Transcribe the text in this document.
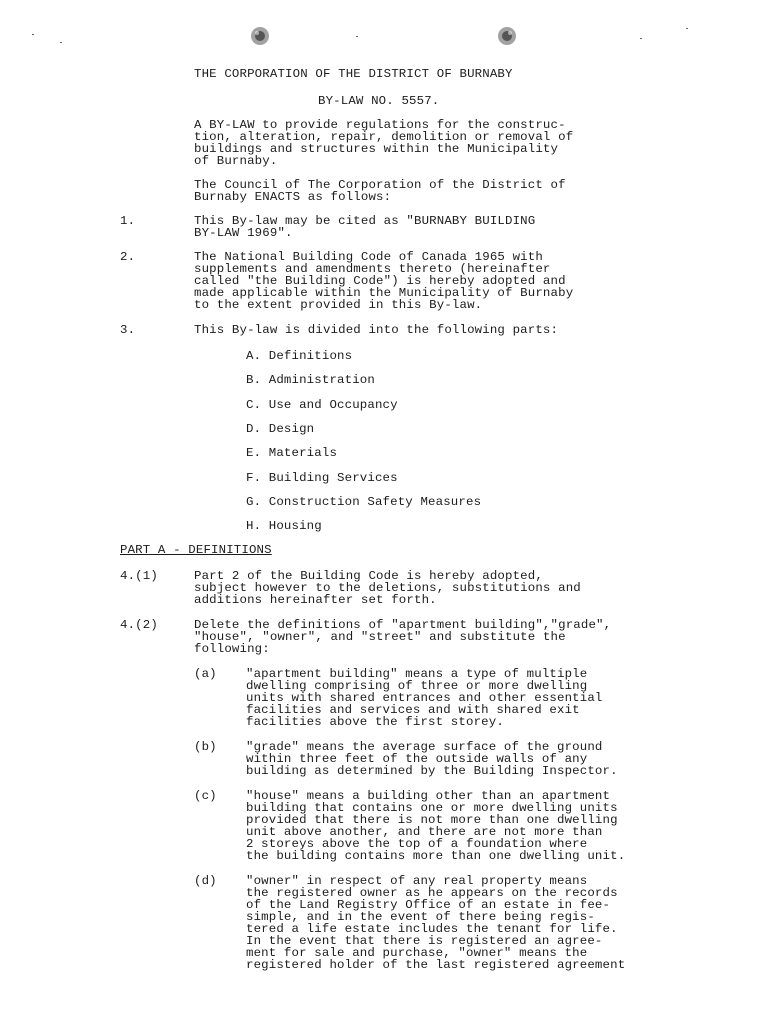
THE CORPORATION OF THE DISTRICT OF BURNABY
BY-LAW NO. 5557.
A BY-LAW to provide regulations for the construc-
tion, alteration, repair, demolition or removal of
buildings and structures within the Municipality
of Burnaby.
The Council of The Corporation of the District of
Burnaby ENACTS as follows:
1.	This By-law may be cited as "BURNABY BUILDING
BY-LAW 1969".
2.	The National Building Code of Canada 1965 with
supplements and amendments thereto (hereinafter
called "the Building Code") is hereby adopted and
made applicable within the Municipality of Burnaby
to the extent provided in this By-law.
3.	This By-law is divided into the following parts:
A. Definitions
B. Administration
C. Use and Occupancy
D. Design
E. Materials
F. Building Services
G. Construction Safety Measures
H. Housing
PART A - DEFINITIONS
4.(1)	Part 2 of the Building Code is hereby adopted,
subject however to the deletions, substitutions and
additions hereinafter set forth.
4.(2)	Delete the definitions of "apartment building","grade",
"house", "owner", and "street" and substitute the
following:
(a) "apartment building" means a type of multiple
dwelling comprising of three or more dwelling
units with shared entrances and other essential
facilities and services and with shared exit
facilities above the first storey.
(b) "grade" means the average surface of the ground
within three feet of the outside walls of any
building as determined by the Building Inspector.
(c) "house" means a building other than an apartment
building that contains one or more dwelling units
provided that there is not more than one dwelling
unit above another, and there are not more than
2 storeys above the top of a foundation where
the building contains more than one dwelling unit.
(d) "owner" in respect of any real property means
the registered owner as he appears on the records
of the Land Registry Office of an estate in fee-
simple, and in the event of there being regis-
tered a life estate includes the tenant for life.
In the event that there is registered an agree-
ment for sale and purchase, "owner" means the
registered holder of the last registered agreement
